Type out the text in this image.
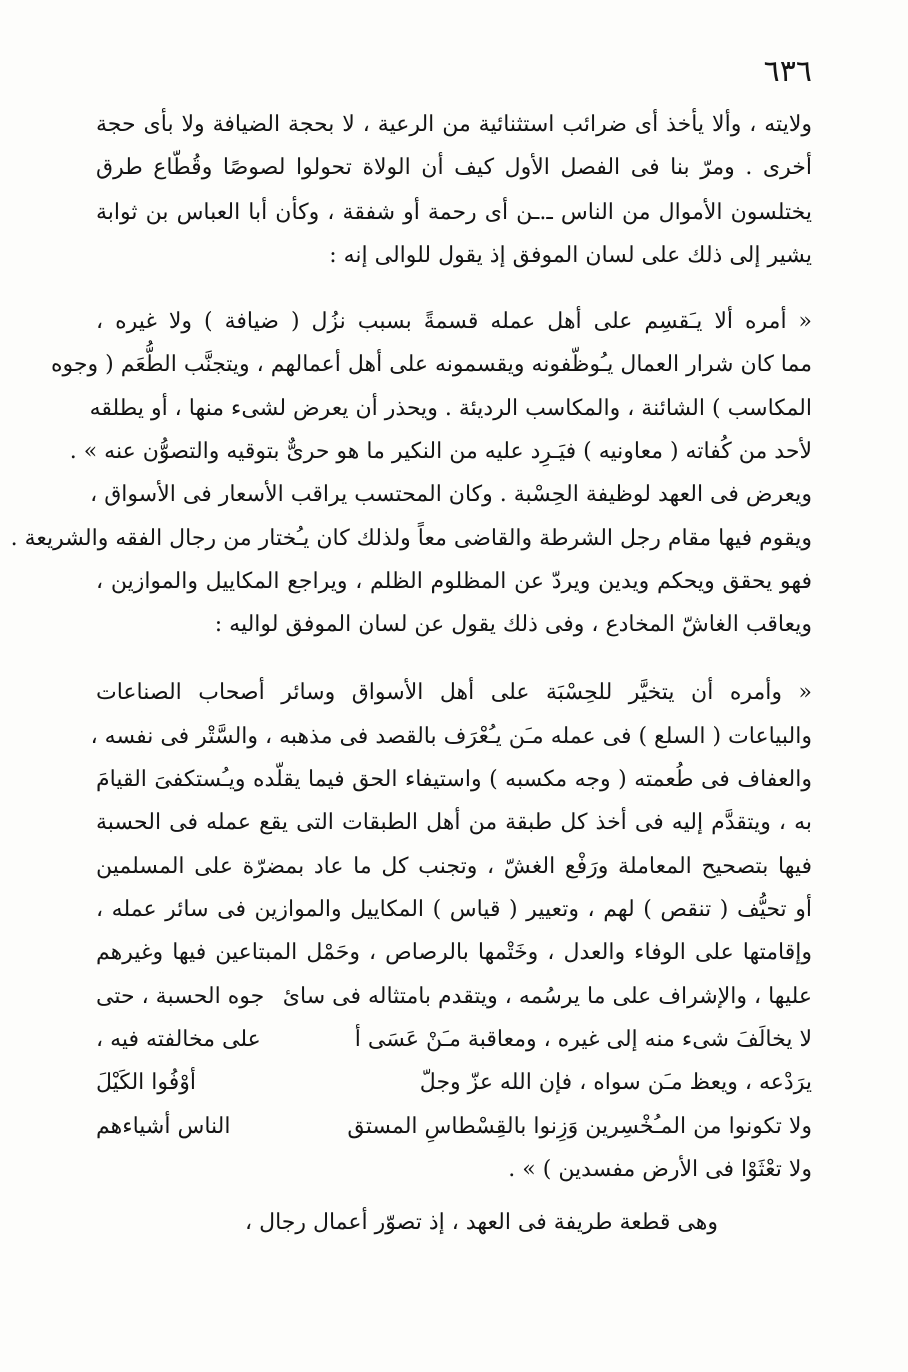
٦٣٦
ولايته ، وألا يأخذ أى ضرائب استثنائية من الرعية ، لا بحجة الضيافة ولا بأى حجة
أخرى . ومرّ بنا فى الفصل الأول كيف أن الولاة تحولوا لصوصًا وقُطّاع طرق
يختلسون الأموال من الناس ـ.ـن أى رحمة أو شفقة ، وكأن أبا العباس بن ثوابة
يشير إلى ذلك على لسان الموفق إذ يقول للوالى إنه :
« أمره ألا يـَقسِم على أهل عمله قسمةً بسبب نزُل ( ضيافة ) ولا غيره ،
مما كان شرار العمال يـُوظّفونه ويقسمونه على أهل أعمالهم ، ويتجنَّب الطُّعَم ( وجوه
المكاسب ) الشائنة ، والمكاسب الرديئة . ويحذر أن يعرض لشىء منها ، أو يطلقه
لأحد من كُفاته ( معاونيه ) فيَـرِد عليه من النكير ما هو حرىٌّ بتوقيه والتصوُّن عنه » .
ويعرض فى العهد لوظيفة الحِسْبة . وكان المحتسب يراقب الأسعار فى الأسواق ،
ويقوم فيها مقام رجل الشرطة والقاضى معاً ولذلك كان يـُختار من رجال الفقه والشريعة .
فهو يحقق ويحكم ويدين ويردّ عن المظلوم الظلم ، ويراجع المكاييل والموازين ،
ويعاقب الغاشّ المخادع ، وفى ذلك يقول عن لسان الموفق لواليه :
« وأمره أن يتخيَّر للحِسْبَة على أهل الأسواق وسائر أصحاب الصناعات
والبياعات ( السلع ) فى عمله مـَن يـُعْرَف بالقصد فى مذهبه ، والسَّتْر فى نفسه ،
والعفاف فى طُعمته ( وجه مكسبه ) واستيفاء الحق فيما يقلّده ويـُستكفىَ القيامَ
به ، ويتقدَّم إليه فى أخذ كل طبقة من أهل الطبقات التى يقع عمله فى الحسبة
فيها بتصحيح المعاملة ورَفْع الغشّ ، وتجنب كل ما عاد بمضرّة على المسلمين
أو تحيُّف ( تنقص ) لهم ، وتعيير ( قياس ) المكاييل والموازين فى سائر عمله ،
وإقامتها على الوفاء والعدل ، وخَتْمها بالرصاص ، وحَمْل المبتاعين فيها وغيرهم
عليها ، والإشراف على ما يرسُمه ، ويتقدم بامتثاله فى سائ
لا يخالَفَ شىء منه إلى غيره ، ومعاقبة مـَنْ عَسَى أ
يرَدْعه ، ويعظ مـَن سواه ، فإن الله عزّ وجلّ
ولا تكونوا من المـُخْسِرين وَزِنوا بالقِسْطاسِ المستق
ولا تعْثَوْا فى الأرض مفسدين ) » .
جوه الحسبة ، حتى
على مخالفته فيه ،
أوْفُوا الكَيْلَ
الناس أشياءهم
وهى قطعة طريفة فى العهد ، إذ تصوّر أعمال رجال ،
